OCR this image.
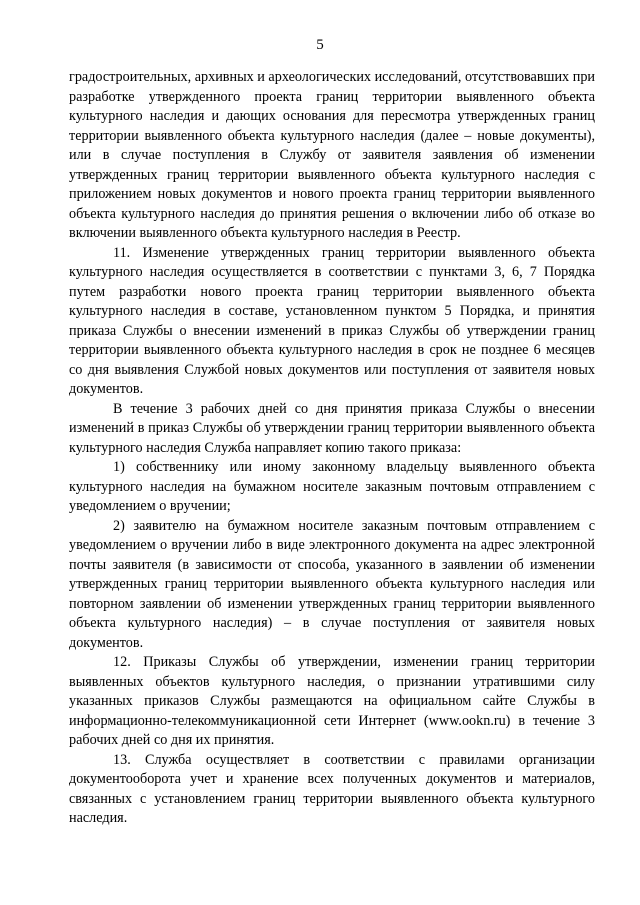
5

градостроительных, архивных и археологических исследований, отсутствовавших при разработке утвержденного проекта границ территории выявленного объекта культурного наследия и дающих основания для пересмотра утвержденных границ территории выявленного объекта культурного наследия (далее – новые документы), или в случае поступления в Службу от заявителя заявления об изменении утвержденных границ территории выявленного объекта культурного наследия с приложением новых документов и нового проекта границ территории выявленного объекта культурного наследия до принятия решения о включении либо об отказе во включении выявленного объекта культурного наследия в Реестр.

11. Изменение утвержденных границ территории выявленного объекта культурного наследия осуществляется в соответствии с пунктами 3, 6, 7 Порядка путем разработки нового проекта границ территории выявленного объекта культурного наследия в составе, установленном пунктом 5 Порядка, и принятия приказа Службы о внесении изменений в приказ Службы об утверждении границ территории выявленного объекта культурного наследия в срок не позднее 6 месяцев со дня выявления Службой новых документов или поступления от заявителя новых документов.

В течение 3 рабочих дней со дня принятия приказа Службы о внесении изменений в приказ Службы об утверждении границ территории выявленного объекта культурного наследия Служба направляет копию такого приказа:

1) собственнику или иному законному владельцу выявленного объекта культурного наследия на бумажном носителе заказным почтовым отправлением с уведомлением о вручении;

2) заявителю на бумажном носителе заказным почтовым отправлением с уведомлением о вручении либо в виде электронного документа на адрес электронной почты заявителя (в зависимости от способа, указанного в заявлении об изменении утвержденных границ территории выявленного объекта культурного наследия или повторном заявлении об изменении утвержденных границ территории выявленного объекта культурного наследия) – в случае поступления от заявителя новых документов.

12. Приказы Службы об утверждении, изменении границ территории выявленных объектов культурного наследия, о признании утратившими силу указанных приказов Службы размещаются на официальном сайте Службы в информационно-телекоммуникационной сети Интернет (www.ookn.ru) в течение 3 рабочих дней со дня их принятия.

13. Служба осуществляет в соответствии с правилами организации документооборота учет и хранение всех полученных документов и материалов, связанных с установлением границ территории выявленного объекта культурного наследия.
